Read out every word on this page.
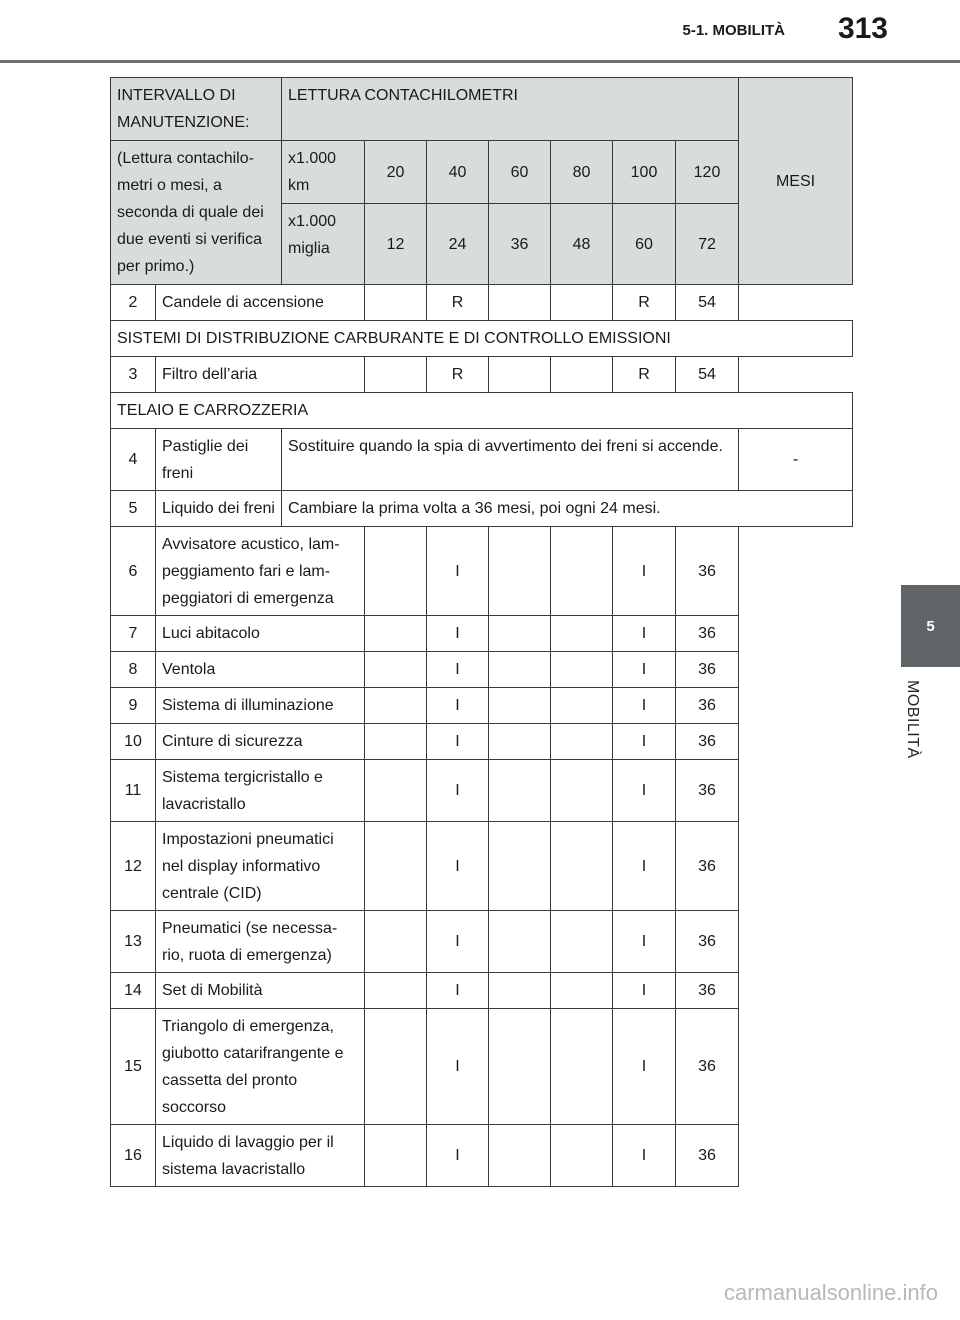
5-1. MOBILITÀ 313
5
MOBILITÀ
INTERVALLO DI MANUTENZIONE:		LETTURA CONTACHILOMETRI							MESI
(Lettura contachilo-metri o mesi, a seconda di quale dei due eventi si verifica per primo.)		x1.000 km	20	40	60	80	100	120	
		x1.000 miglia	12	24	36	48	60	72	
2	Candele di accensione			R			R	54	
SISTEMI DI DISTRIBUZIONE CARBURANTE E DI CONTROLLO EMISSIONI									
3	Filtro dell’aria			R			R	54	
TELAIO E CARROZZERIA									
4	Pastiglie dei freni	Sostituire quando la spia di avvertimento dei freni si accende.							-
5	Liquido dei freni	Cambiare la prima volta a 36 mesi, poi ogni 24 mesi.							
6	Avvisatore acustico, lam-peggiamento fari e lam-peggiatori di emergenza			I			I	36	
7	Luci abitacolo			I			I	36	
8	Ventola			I			I	36	
9	Sistema di illuminazione			I			I	36	
10	Cinture di sicurezza			I			I	36	
11	Sistema tergicristallo e lavacristallo			I			I	36	
12	Impostazioni pneumatici nel display informativo centrale (CID)			I			I	36	
13	Pneumatici (se necessa-rio, ruota di emergenza)			I			I	36	
14	Set di Mobilità			I			I	36	
15	Triangolo di emergenza, giubotto catarifrangente e cassetta del pronto soccorso			I			I	36	
16	Liquido di lavaggio per il sistema lavacristallo			I			I	36	
carmanualsonline.info
